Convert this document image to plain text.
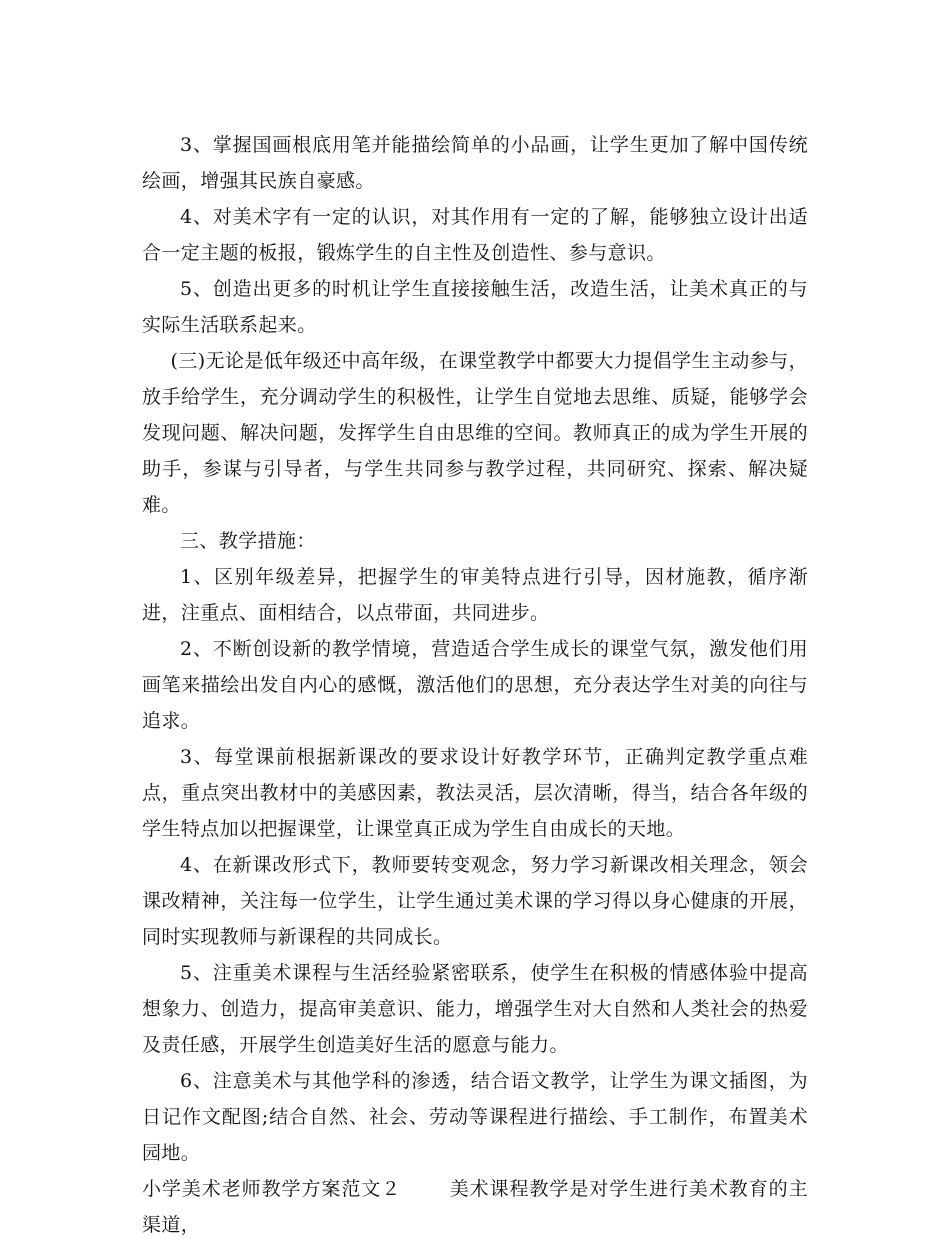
3、掌握国画根底用笔并能描绘简单的小品画，让学生更加了解中国传统绘画，增强其民族自豪感。

4、对美术字有一定的认识，对其作用有一定的了解，能够独立设计出适合一定主题的板报，锻炼学生的自主性及创造性、参与意识。

5、创造出更多的时机让学生直接接触生活，改造生活，让美术真正的与实际生活联系起来。

(三)无论是低年级还中高年级，在课堂教学中都要大力提倡学生主动参与，放手给学生，充分调动学生的积极性，让学生自觉地去思维、质疑，能够学会发现问题、解决问题，发挥学生自由思维的空间。教师真正的成为学生开展的助手，参谋与引导者，与学生共同参与教学过程，共同研究、探索、解决疑难。

三、教学措施：

1、区别年级差异，把握学生的审美特点进行引导，因材施教，循序渐进，注重点、面相结合，以点带面，共同进步。

2、不断创设新的教学情境，营造适合学生成长的课堂气氛，激发他们用画笔来描绘出发自内心的感慨，激活他们的思想，充分表达学生对美的向往与追求。

3、每堂课前根据新课改的要求设计好教学环节，正确判定教学重点难点，重点突出教材中的美感因素，教法灵活，层次清晰，得当，结合各年级的学生特点加以把握课堂，让课堂真正成为学生自由成长的天地。

4、在新课改形式下，教师要转变观念，努力学习新课改相关理念，领会课改精神，关注每一位学生，让学生通过美术课的学习得以身心健康的开展，同时实现教师与新课程的共同成长。

5、注重美术课程与生活经验紧密联系，使学生在积极的情感体验中提高想象力、创造力，提高审美意识、能力，增强学生对大自然和人类社会的热爱及责任感，开展学生创造美好生活的愿意与能力。

6、注意美术与其他学科的渗透，结合语文教学，让学生为课文插图，为日记作文配图;结合自然、社会、劳动等课程进行描绘、手工制作，布置美术园地。

小学美术老师教学方案范文２	美术课程教学是对学生进行美术教育的主渠道，
